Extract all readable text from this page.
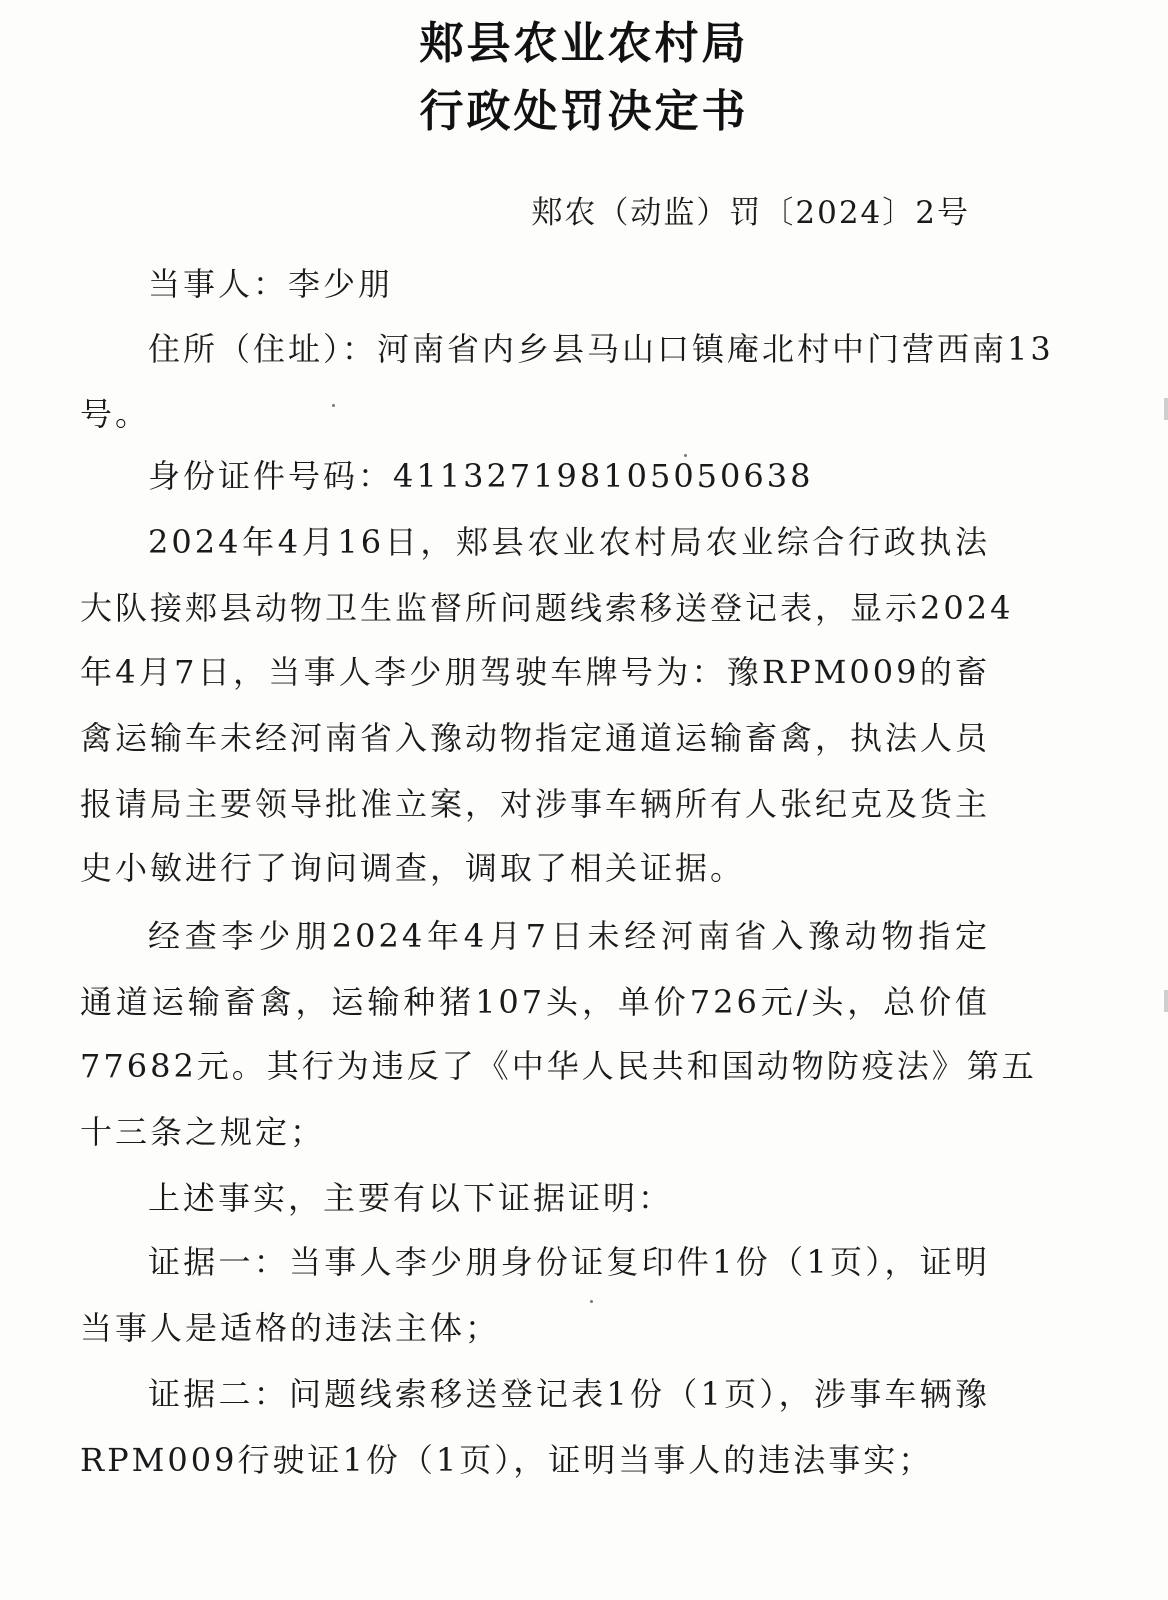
郏县农业农村局
行政处罚决定书
郏农（动监）罚〔2024〕2号
当事人：李少朋
住所（住址）：河南省内乡县马山口镇庵北村中门营西南13
号。
身份证件号码：411327198105050638
2024年4月16日，郏县农业农村局农业综合行政执法
大队接郏县动物卫生监督所问题线索移送登记表，显示2024
年4月7日，当事人李少朋驾驶车牌号为：豫RPM009的畜
禽运输车未经河南省入豫动物指定通道运输畜禽，执法人员
报请局主要领导批准立案，对涉事车辆所有人张纪克及货主
史小敏进行了询问调查，调取了相关证据。
经查李少朋2024年4月7日未经河南省入豫动物指定
通道运输畜禽，运输种猪107头，单价726元/头，总价值
77682元。其行为违反了《中华人民共和国动物防疫法》第五
十三条之规定；
上述事实，主要有以下证据证明：
证据一：当事人李少朋身份证复印件1份（1页），证明
当事人是适格的违法主体；
证据二：问题线索移送登记表1份（1页），涉事车辆豫
RPM009行驶证1份（1页），证明当事人的违法事实；
